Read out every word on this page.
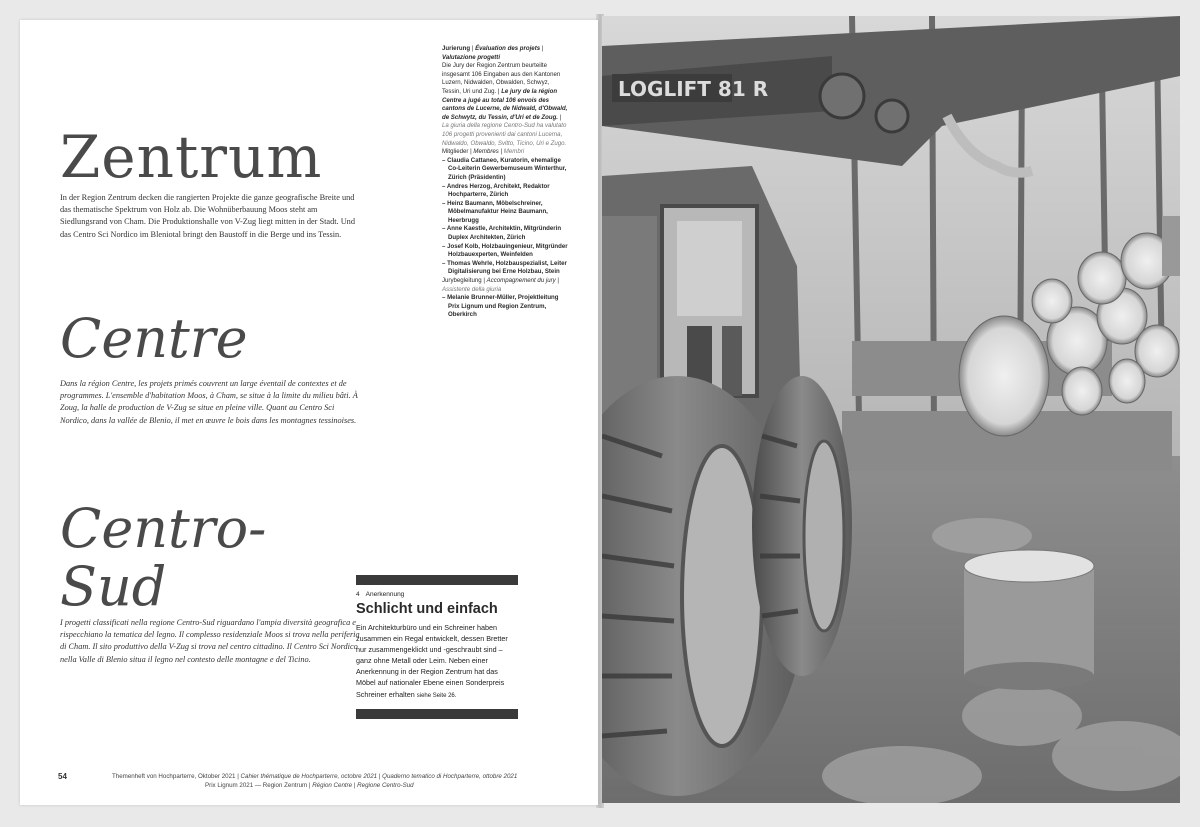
Zentrum

In der Region Zentrum decken die rangierten Projekte die ganze geografische Breite und das thematische Spektrum von Holz ab. Die Wohnüberbauung Moos steht am Siedlungsrand von Cham. Die Produktionshalle von V-Zug liegt mitten in der Stadt. Und das Centro Sci Nordico im Bleniotal bringt den Baustoff in die Berge und ins Tessin.

Centre

Dans la région Centre, les projets primés couvrent un large éventail de contextes et de programmes. L'ensemble d'habitation Moos, à Cham, se situe à la limite du milieu bâti. À Zoug, la halle de production de V-Zug se situe en pleine ville. Quant au Centro Sci Nordico, dans la vallée de Blenio, il met en œuvre le bois dans les montagnes tessinoises.

Centro-Sud

I progetti classificati nella regione Centro-Sud riguardano l'ampia diversità geografica e rispecchiano la tematica del legno. Il complesso residenziale Moos si trova nella periferia di Cham. Il sito produttivo della V-Zug si trova nel centro cittadino. Il Centro Sci Nordico nella Valle di Blenio situa il legno nel contesto delle montagne e del Ticino.

Jurierung | Évaluation des projets | Valutazione progetti

Die Jury der Region Zentrum beurteilte insgesamt 106 Eingaben aus den Kantonen Luzern, Nidwalden, Obwalden, Schwyz, Tessin, Uri und Zug. | Le jury de la région Centre a jugé au total 106 envois des cantons de Lucerne, de Nidwald, d'Obwald, de Schwytz, du Tessin, d'Uri et de Zoug. | La giuria della regione Centro-Sud ha valutato 106 progetti provenienti dai cantoni Lucerna, Nidwaldo, Obwaldo, Svitto, Ticino, Uri e Zugo.

Mitglieder | Membres | Membri

– Claudia Cattaneo, Kuratorin, ehemalige Co-Leiterin Gewerbemuseum Winterthur, Zürich (Präsidentin)
– Andres Herzog, Architekt, Redaktor Hochparterre, Zürich
– Heinz Baumann, Möbelschreiner, Möbelmanufaktur Heinz Baumann, Heerbrugg
– Anne Kaestle, Architektin, Mitgründerin Duplex Architekten, Zürich
– Josef Kolb, Holzbauingenieur, Mitgründer Holzbauexperten, Weinfelden
– Thomas Wehrle, Holzbauspezialist, Leiter Digitalisierung bei Erne Holzbau, Stein

Jurybegleitung | Accompagnement du jury | Assistente della giuria

– Melanie Brunner-Müller, Projektleitung Prix Lignum und Region Zentrum, Oberkirch
4 Anerkennung
Schlicht und einfach

Ein Architekturbüro und ein Schreiner haben zusammen ein Regal entwickelt, dessen Bretter nur zusammengeklickt und -geschraubt sind – ganz ohne Metall oder Leim. Neben einer Anerkennung in der Region Zentrum hat das Möbel auf nationaler Ebene einen Sonderpreis Schreiner erhalten siehe Seite 26.

54	Themenheft von Hochparterre, Oktober 2021 | Cahier thématique de Hochparterre, octobre 2021 | Quaderno tematico di Hochparterre, ottobre 2021
Prix Lignum 2021 — Region Zentrum | Région Centre | Regione Centro-Sud
LOGLIFT 81 R
